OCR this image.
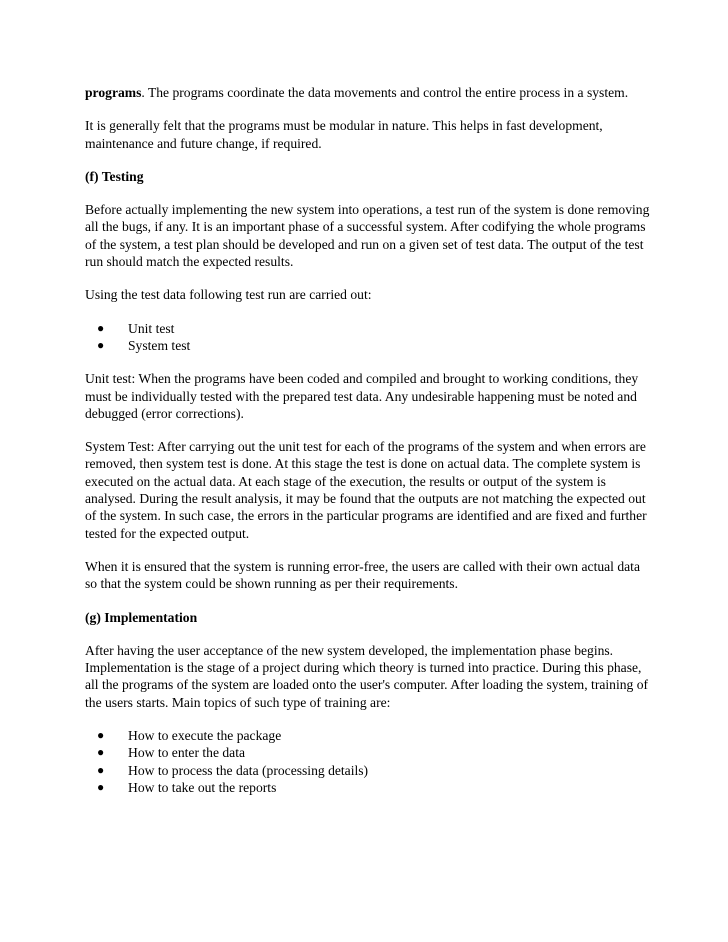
programs. The programs coordinate the data movements and control the entire process in a system.

It is generally felt that the programs must be modular in nature. This helps in fast development, maintenance and future change, if required.

(f) Testing

Before actually implementing the new system into operations, a test run of the system is done removing all the bugs, if any. It is an important phase of a successful system. After codifying the whole programs of the system, a test plan should be developed and run on a given set of test data. The output of the test run should match the expected results.

Using the test data following test run are carried out:

● Unit test
● System test

Unit test: When the programs have been coded and compiled and brought to working conditions, they must be individually tested with the prepared test data. Any undesirable happening must be noted and debugged (error corrections).

System Test: After carrying out the unit test for each of the programs of the system and when errors are removed, then system test is done. At this stage the test is done on actual data. The complete system is executed on the actual data. At each stage of the execution, the results or output of the system is analysed. During the result analysis, it may be found that the outputs are not matching the expected out of the system. In such case, the errors in the particular programs are identified and are fixed and further tested for the expected output.

When it is ensured that the system is running error-free, the users are called with their own actual data so that the system could be shown running as per their requirements.

(g) Implementation

After having the user acceptance of the new system developed, the implementation phase begins. Implementation is the stage of a project during which theory is turned into practice. During this phase, all the programs of the system are loaded onto the user's computer. After loading the system, training of the users starts. Main topics of such type of training are:

● How to execute the package
● How to enter the data
● How to process the data (processing details)
● How to take out the reports
